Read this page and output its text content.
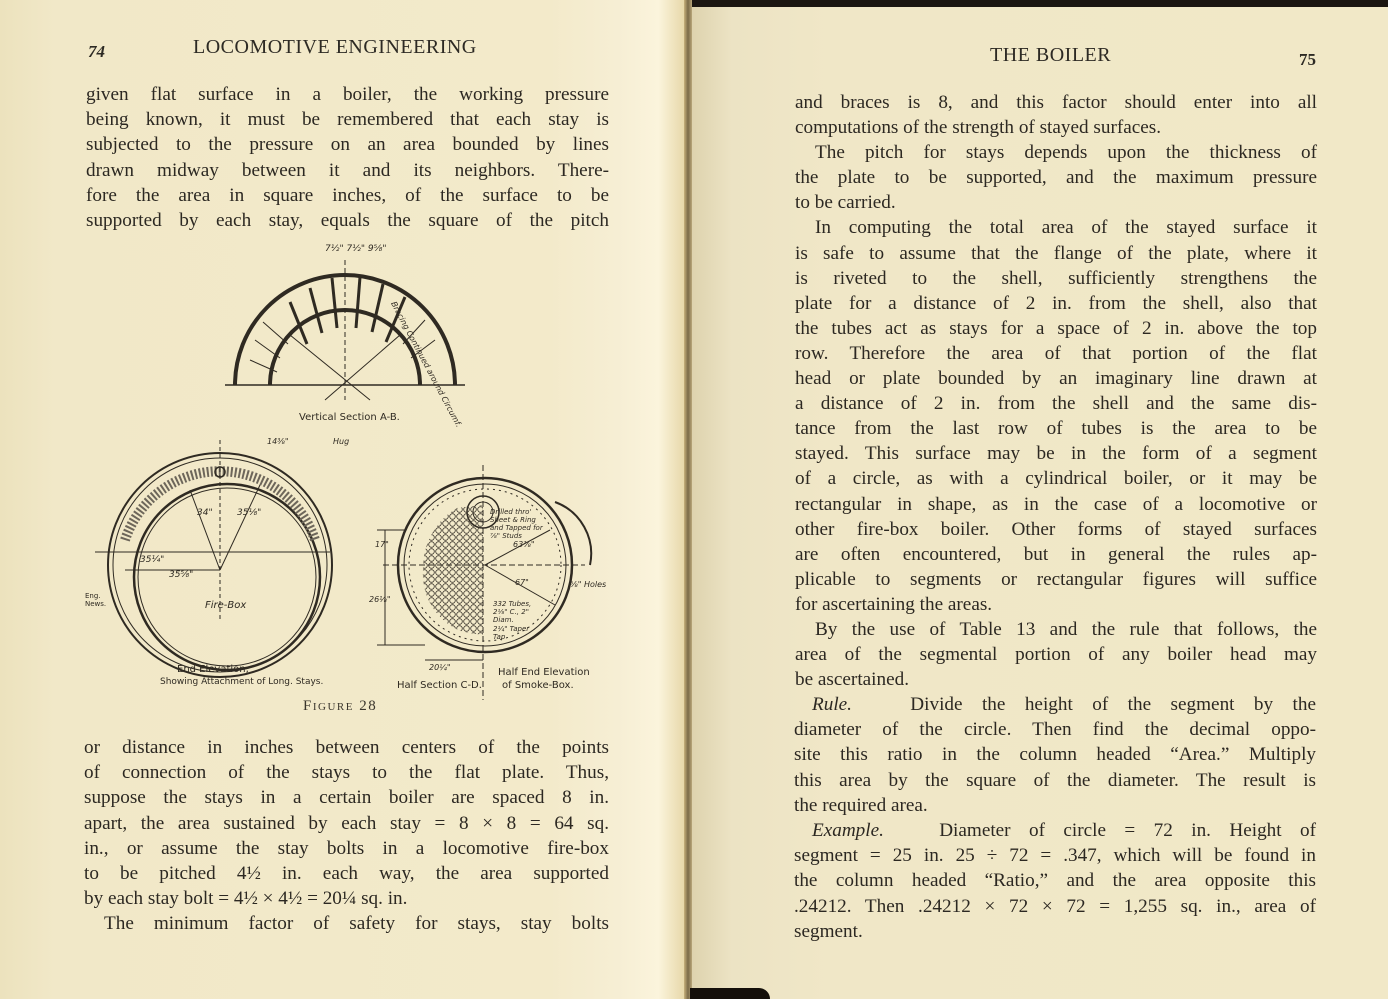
74	LOCOMOTIVE ENGINEERING
given flat surface in a boiler, the working pressure
being known, it must be remembered that each stay is
subjected to the pressure on an area bounded by lines
drawn midway between it and its neighbors. There-
fore the area in square inches, of the surface to be
supported by each stay, equals the square of the pitch
Vertical Section A-B.
7½" 7½" 9⅝"
Bracing Continued around Circumf.
14⅜"	Hug
Fire-Box
Eng. News.
35¼"
35⅝"
34"	35⅛"
End Elevation,
Showing Attachment of Long. Stays.
Drilled thro' Sheet & Ring and Tapped for ⅞" Studs
332 Tubes, 2⅛" C., 2" Diam.
2¼" Taper Tap
⅝" Holes
63⅞"
67"
17"
26⅛"
20¼"
Half Section C-D.
Half End Elevation
of Smoke-Box.
Figure 28
or distance in inches between centers of the points
of connection of the stays to the flat plate. Thus,
suppose the stays in a certain boiler are spaced 8 in.
apart, the area sustained by each stay = 8 × 8 = 64 sq.
in., or assume the stay bolts in a locomotive fire-box
to be pitched 4½ in. each way, the area supported
by each stay bolt = 4½ × 4½ = 20¼ sq. in.
The minimum factor of safety for stays, stay bolts
THE BOILER	75
and braces is 8, and this factor should enter into all
computations of the strength of stayed surfaces.
The pitch for stays depends upon the thickness of
the plate to be supported, and the maximum pressure
to be carried.
In computing the total area of the stayed surface it
is safe to assume that the flange of the plate, where it
is riveted to the shell, sufficiently strengthens the
plate for a distance of 2 in. from the shell, also that
the tubes act as stays for a space of 2 in. above the top
row. Therefore the area of that portion of the flat
head or plate bounded by an imaginary line drawn at
a distance of 2 in. from the shell and the same dis-
tance from the last row of tubes is the area to be
stayed. This surface may be in the form of a segment
of a circle, as with a cylindrical boiler, or it may be
rectangular in shape, as in the case of a locomotive or
other fire-box boiler. Other forms of stayed surfaces
are often encountered, but in general the rules ap-
plicable to segments or rectangular figures will suffice
for ascertaining the areas.
By the use of Table 13 and the rule that follows, the
area of the segmental portion of any boiler head may
be ascertained.
Rule.	Divide the height of the segment by the
diameter of the circle. Then find the decimal oppo-
site this ratio in the column headed “Area.” Multiply
this area by the square of the diameter. The result is
the required area.
Example.	Diameter of circle = 72 in. Height of
segment = 25 in. 25 ÷ 72 = .347, which will be found in
the column headed “Ratio,” and the area opposite this
.24212. Then .24212 × 72 × 72 = 1,255 sq. in., area of
segment.
